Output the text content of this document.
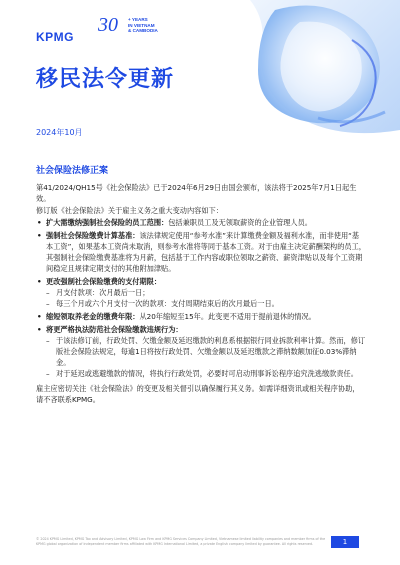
KPMG
30 + YEARS
IN VIETNAM
& CAMBODIA
移民法令更新
2024年10月

社会保险法修正案

第41/2024/QH15号《社会保险法》已于2024年6月29日由国会颁布，该法将于2025年7月1日起生效。

修订版《社会保险法》关于雇主义务之重大变动内容如下：

• 扩大需缴纳强制社会保险的员工范围：包括兼职员工及无领取薪资的企业管理人员。
• 强制社会保险缴费计算基准：该法律规定使用“参考水准”来计算缴费金额及福利水准，而非使用“基本工资”，如果基本工资尚未取消，则参考水准将等同于基本工资。对于由雇主决定薪酬架构的员工，其强制社会保险缴费基准将为月薪，包括基于工作内容或职位领取之薪资、薪资津贴以及每个工资期间稳定且规律定期支付的其他附加津贴。
• 更改强制社会保险缴费的支付期限：
– 月支付款项：次月最后一日；
– 每三个月或六个月支付一次的款项：支付周期结束后的次月最后一日。
• 缩短领取养老金的缴费年限：从20年缩短至15年。此变更不适用于提前退休的情况。
• 将更严格执法防范社会保险缴款违规行为：
– 于该法修订前，行政处罚、欠缴金额及延迟缴款的利息系根据银行同业拆款利率计算。然而，修订版社会保险法规定，每逾1日将按行政处罚、欠缴金额以及延迟缴款之滞纳数额加征0.03%滞纳金。
– 对于延迟或逃避缴款的情况，将执行行政处罚，必要时可启动刑事诉讼程序追究洗逃缴款责任。

雇主应密切关注《社会保险法》的变更及相关督引以确保履行其义务。如需详细资讯或相关程序协助，请不吝联系KPMG。

© 2024 KPMG Limited, KPMG Tax and Advisory Limited, KPMG Law Firm and KPMG Services Company Limited, Vietnamese limited liability companies and member firms of the KPMG global organization of independent member firms affiliated with KPMG International Limited, a private English company limited by guarantee. All rights reserved.	1
